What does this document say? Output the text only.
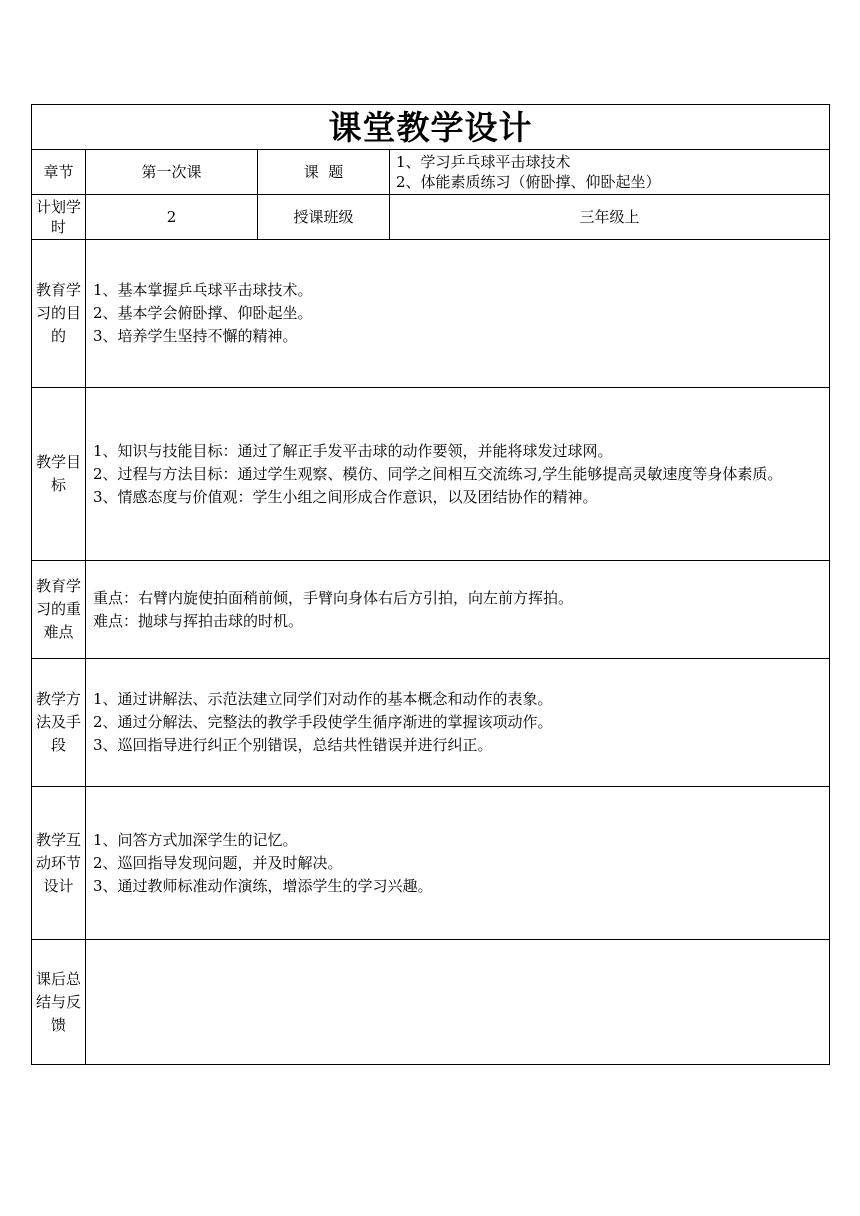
课堂教学设计			
章节	第一次课	课  题	1、学习乒乓球平击球技术
2、体能素质练习（俯卧撑、仰卧起坐）

计划学时	2	授课班级	三年级上
教育学习的目的	1、基本掌握乒乓球平击球技术。
2、基本学会俯卧撑、仰卧起坐。
3、培养学生坚持不懈的精神。		

教学目标	1、知识与技能目标：通过了解正手发平击球的动作要领，并能将球发过球网。
2、过程与方法目标：通过学生观察、模仿、同学之间相互交流练习,学生能够提高灵敏速度等身体素质。
3、情感态度与价值观：学生小组之间形成合作意识，以及团结协作的精神。		

教育学习的重难点	重点：右臂内旋使拍面稍前倾，手臂向身体右后方引拍，向左前方挥拍。
难点：抛球与挥拍击球的时机。		

教学方法及手段	1、通过讲解法、示范法建立同学们对动作的基本概念和动作的表象。
2、通过分解法、完整法的教学手段使学生循序渐进的掌握该项动作。
3、巡回指导进行纠正个别错误，总结共性错误并进行纠正。		

教学互动环节设计	1、问答方式加深学生的记忆。
2、巡回指导发现问题，并及时解决。
3、通过教师标准动作演练，增添学生的学习兴趣。		

课后总结与反馈			
